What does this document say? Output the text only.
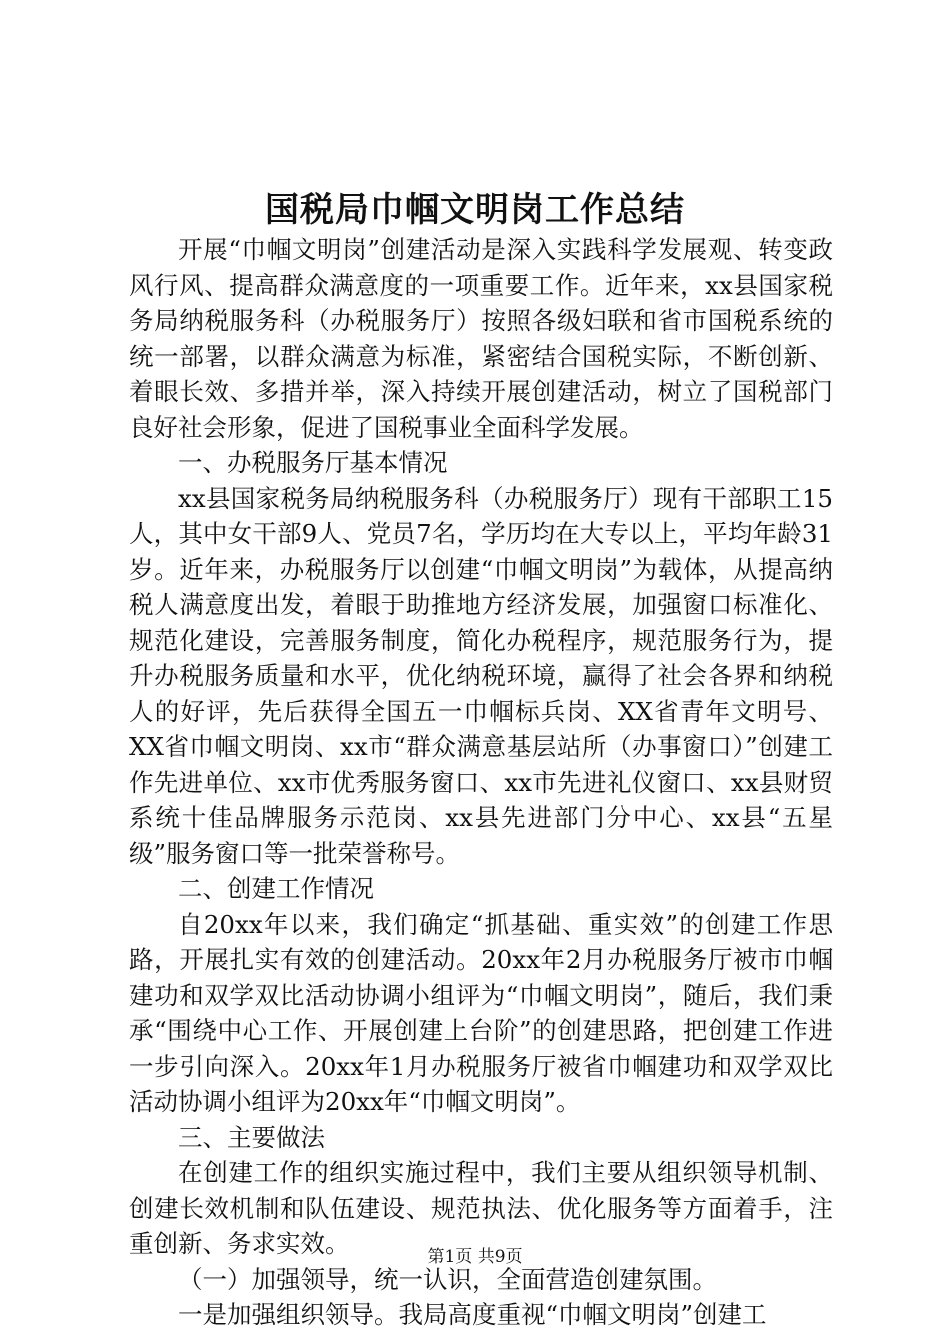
国税局巾帼文明岗工作总结

开展“巾帼文明岗”创建活动是深入实践科学发展观、转变政风行风、提高群众满意度的一项重要工作。近年来，xx县国家税务局纳税服务科（办税服务厅）按照各级妇联和省市国税系统的统一部署，以群众满意为标准，紧密结合国税实际，不断创新、着眼长效、多措并举，深入持续开展创建活动，树立了国税部门良好社会形象，促进了国税事业全面科学发展。

一、办税服务厅基本情况

xx县国家税务局纳税服务科（办税服务厅）现有干部职工15人，其中女干部9人、党员7名，学历均在大专以上，平均年龄31岁。近年来，办税服务厅以创建“巾帼文明岗”为载体，从提高纳税人满意度出发，着眼于助推地方经济发展，加强窗口标准化、规范化建设，完善服务制度，简化办税程序，规范服务行为，提升办税服务质量和水平，优化纳税环境，赢得了社会各界和纳税人的好评，先后获得全国五一巾帼标兵岗、XX省青年文明号、XX省巾帼文明岗、xx市“群众满意基层站所（办事窗口）”创建工作先进单位、xx市优秀服务窗口、xx市先进礼仪窗口、xx县财贸系统十佳品牌服务示范岗、xx县先进部门分中心、xx县“五星级”服务窗口等一批荣誉称号。

二、创建工作情况

自20xx年以来，我们确定“抓基础、重实效”的创建工作思路，开展扎实有效的创建活动。20xx年2月办税服务厅被市巾帼建功和双学双比活动协调小组评为“巾帼文明岗”，随后，我们秉承“围绕中心工作、开展创建上台阶”的创建思路，把创建工作进一步引向深入。20xx年1月办税服务厅被省巾帼建功和双学双比活动协调小组评为20xx年“巾帼文明岗”。

三、主要做法

在创建工作的组织实施过程中，我们主要从组织领导机制、创建长效机制和队伍建设、规范执法、优化服务等方面着手，注重创新、务求实效。

（一）加强领导，统一认识，全面营造创建氛围。

一是加强组织领导。我局高度重视“巾帼文明岗”创建工

第1页 共9页
